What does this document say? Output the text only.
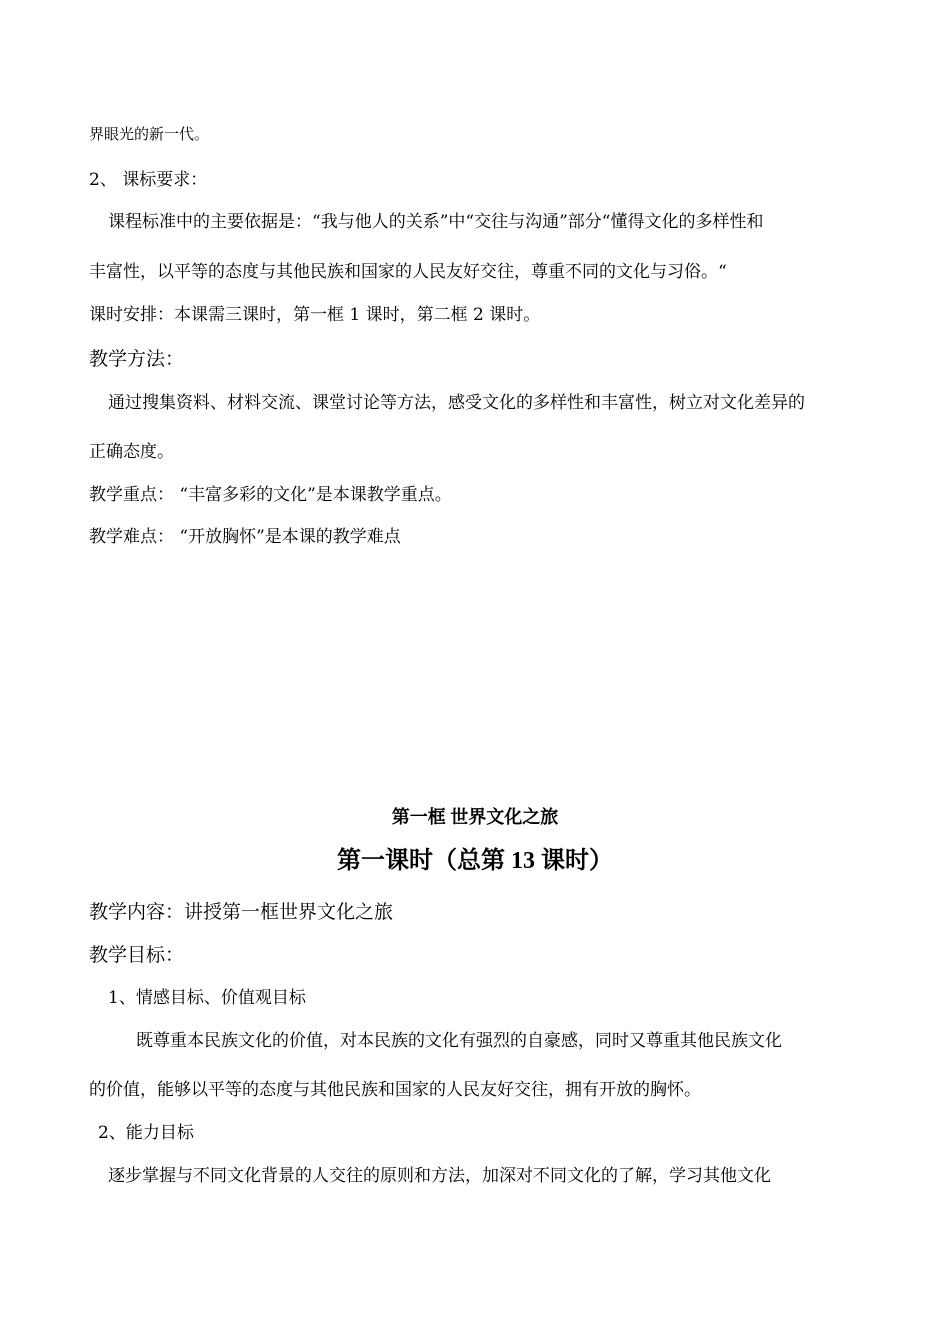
界眼光的新一代。
2、 课标要求：
课程标准中的主要依据是：“我与他人的关系”中“交往与沟通”部分“懂得文化的多样性和
丰富性，以平等的态度与其他民族和国家的人民友好交往，尊重不同的文化与习俗。“
课时安排：本课需三课时，第一框 1 课时，第二框 2 课时。
教学方法：
通过搜集资料、材料交流、课堂讨论等方法，感受文化的多样性和丰富性，树立对文化差异的
正确态度。
教学重点： “丰富多彩的文化”是本课教学重点。
教学难点： “开放胸怀”是本课的教学难点
第一框 世界文化之旅
第一课时（总第 13 课时）
教学内容：讲授第一框世界文化之旅
教学目标：
1、情感目标、价值观目标
既尊重本民族文化的价值，对本民族的文化有强烈的自豪感，同时又尊重其他民族文化
的价值，能够以平等的态度与其他民族和国家的人民友好交往，拥有开放的胸怀。
2、能力目标
逐步掌握与不同文化背景的人交往的原则和方法，加深对不同文化的了解，学习其他文化
